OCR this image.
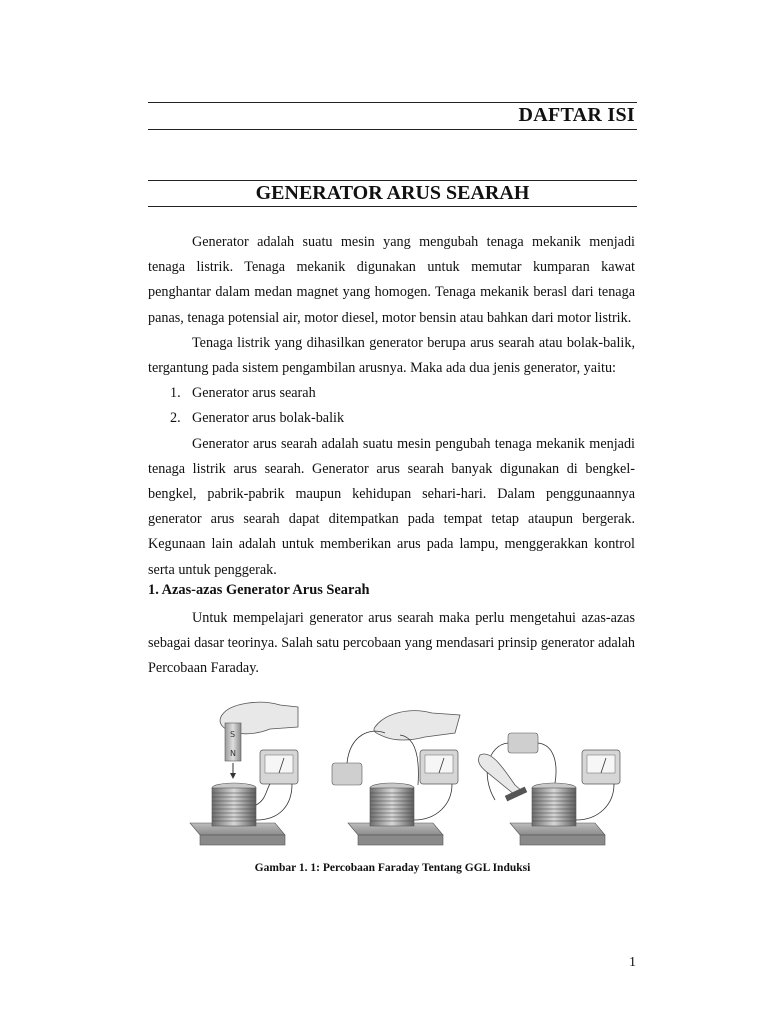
DAFTAR ISI
GENERATOR ARUS SEARAH

Generator adalah suatu mesin yang mengubah tenaga mekanik menjadi tenaga listrik. Tenaga mekanik digunakan untuk memutar kumparan kawat penghantar dalam medan magnet yang homogen. Tenaga mekanik berasl dari tenaga panas, tenaga potensial air, motor diesel, motor bensin atau bahkan dari motor listrik.

Tenaga listrik yang dihasilkan generator berupa arus searah atau bolak-balik, tergantung pada sistem pengambilan arusnya. Maka ada dua jenis generator, yaitu:

1. Generator arus searah
2. Generator arus bolak-balik

Generator arus searah adalah suatu mesin pengubah tenaga mekanik menjadi tenaga listrik arus searah. Generator arus searah banyak digunakan di bengkel-bengkel, pabrik-pabrik maupun kehidupan sehari-hari. Dalam penggunaannya generator arus searah dapat ditempatkan pada tempat tetap ataupun bergerak. Kegunaan lain adalah untuk memberikan arus pada lampu, menggerakkan kontrol serta untuk penggerak.

1. Azas-azas Generator Arus Searah

Untuk mempelajari generator arus searah maka perlu mengetahui azas-azas sebagai dasar teorinya. Salah satu percobaan yang mendasari prinsip generator adalah Percobaan Faraday.

S
N
Gambar 1. 1: Percobaan Faraday Tentang GGL Induksi
1
